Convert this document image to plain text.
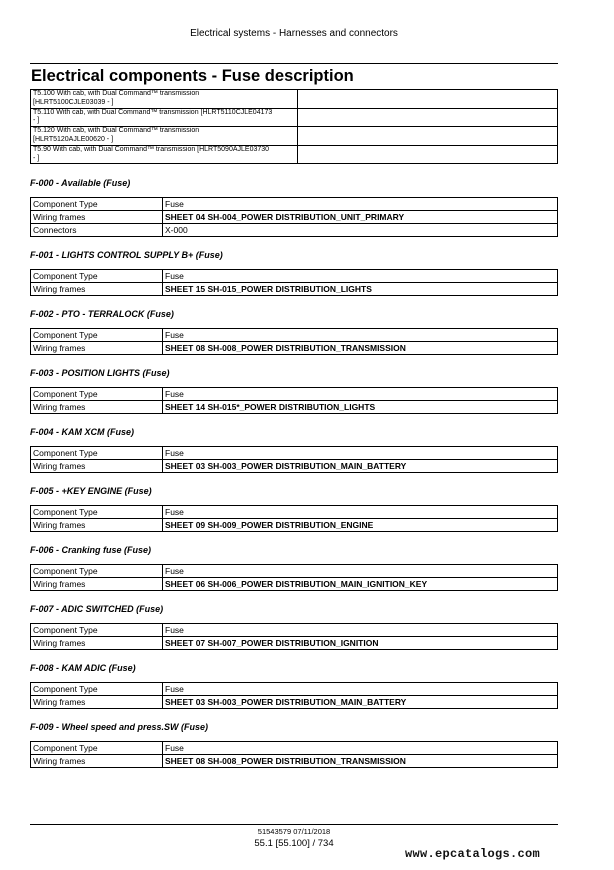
Electrical systems - Harnesses and connectors
Electrical components - Fuse description
T5.100 With cab, with Dual Command™ transmission
[HLRT5100CJLE03039 - ]	

T5.110 With cab, with Dual Command™ transmission [HLRT5110CJLE04173
- ]	

T5.120 With cab, with Dual Command™ transmission
[HLRT5120AJLE00620 - ]	

T5.90 With cab, with Dual Command™ transmission [HLRT5090AJLE03730
- ]	

F-000 - Available (Fuse)
Component Type	Fuse
Wiring frames	SHEET 04 SH-004_POWER DISTRIBUTION_UNIT_PRIMARY
Connectors	X-000
F-001 - LIGHTS CONTROL SUPPLY B+ (Fuse)
Component Type	Fuse
Wiring frames	SHEET 15 SH-015_POWER DISTRIBUTION_LIGHTS
F-002 - PTO - TERRALOCK (Fuse)
Component Type	Fuse
Wiring frames	SHEET 08 SH-008_POWER DISTRIBUTION_TRANSMISSION
F-003 - POSITION LIGHTS (Fuse)
Component Type	Fuse
Wiring frames	SHEET 14 SH-015*_POWER DISTRIBUTION_LIGHTS
F-004 - KAM XCM (Fuse)
Component Type	Fuse
Wiring frames	SHEET 03 SH-003_POWER DISTRIBUTION_MAIN_BATTERY
F-005 - +KEY ENGINE (Fuse)
Component Type	Fuse
Wiring frames	SHEET 09 SH-009_POWER DISTRIBUTION_ENGINE
F-006 - Cranking fuse (Fuse)
Component Type	Fuse
Wiring frames	SHEET 06 SH-006_POWER DISTRIBUTION_MAIN_IGNITION_KEY
F-007 - ADIC SWITCHED (Fuse)
Component Type	Fuse
Wiring frames	SHEET 07 SH-007_POWER DISTRIBUTION_IGNITION
F-008 - KAM ADIC (Fuse)
Component Type	Fuse
Wiring frames	SHEET 03 SH-003_POWER DISTRIBUTION_MAIN_BATTERY
F-009 - Wheel speed and press.SW (Fuse)
Component Type	Fuse
Wiring frames	SHEET 08 SH-008_POWER DISTRIBUTION_TRANSMISSION
51543579 07/11/2018
55.1 [55.100] / 734
www.epcatalogs.com
